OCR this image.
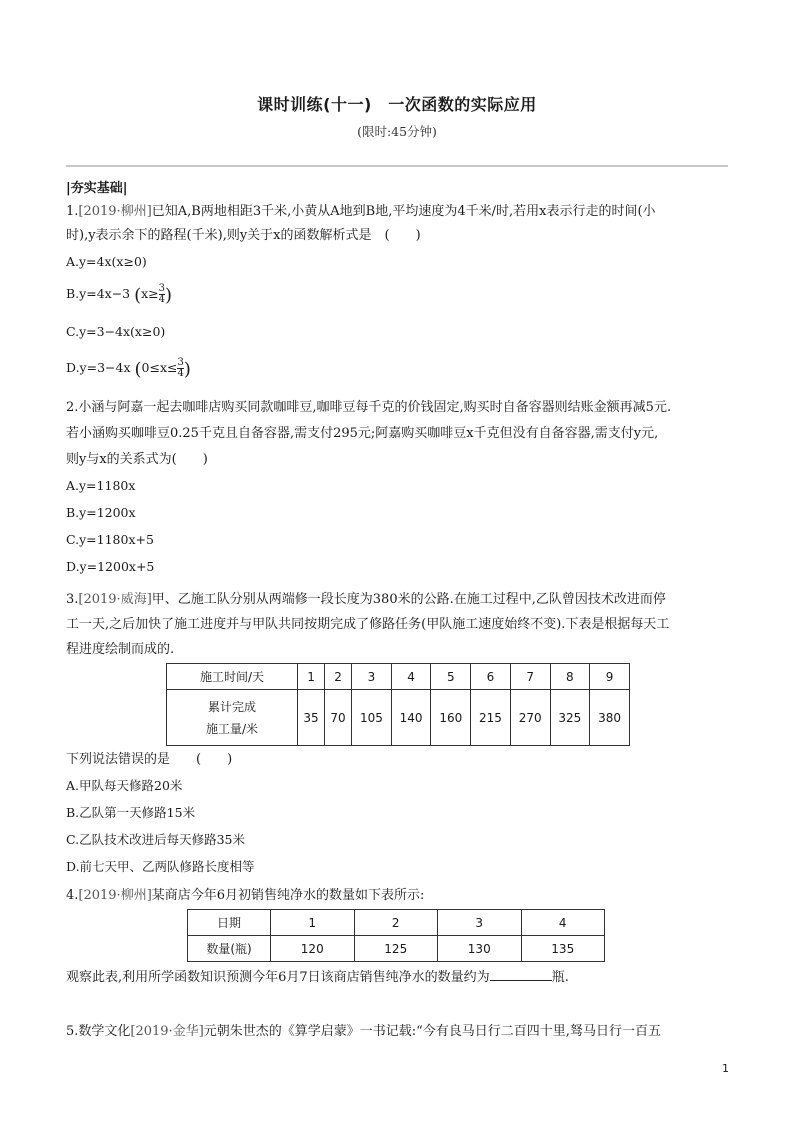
课时训练(十一)　一次函数的实际应用
(限时:45分钟)
|夯实基础|
1.[2019·柳州]已知A,B两地相距3千米,小黄从A地到B地,平均速度为4千米/时,若用x表示行走的时间(小
时),y表示余下的路程(千米),则y关于x的函数解析式是　(　　)
A.y=4x(x≥0)
B.y=4x−3 ($x\ge \frac{3}{4}$ )
C.y=3−4x(x≥0)
D.y=3−4x ($0\le x\le \frac{3}{4}$ )
2.小涵与阿嘉一起去咖啡店购买同款咖啡豆,咖啡豆每千克的价钱固定,购买时自备容器则结账金额再减5元.
若小涵购买咖啡豆0.25千克且自备容器,需支付295元;阿嘉购买咖啡豆x千克但没有自备容器,需支付y元,
则y与x的关系式为(　　)
A.y=1180x
B.y=1200x
C.y=1180x+5
D.y=1200x+5
3.[2019·威海]甲、乙施工队分别从两端修一段长度为380米的公路.在施工过程中,乙队曾因技术改进而停
工一天,之后加快了施工进度并与甲队共同按期完成了修路任务(甲队施工速度始终不变).下表是根据每天工
程进度绘制而成的.
施工时间/天	1	2	3	4	5	6	7	8	9

累计完成
施工量/米	35	70	105	140	160	215	270	325	380
下列说法错误的是　　(　　)
A.甲队每天修路20米
B.乙队第一天修路15米
C.乙队技术改进后每天修路35米
D.前七天甲、乙两队修路长度相等
4.[2019·柳州]某商店今年6月初销售纯净水的数量如下表所示:
日期	1	2	3	4
数量(瓶)	120	125	130	135
观察此表,利用所学函数知识预测今年6月7日该商店销售纯净水的数量约为	瓶.
5.数学文化[2019·金华]元朝朱世杰的《算学启蒙》一书记载:“今有良马日行二百四十里,驽马日行一百五
1
